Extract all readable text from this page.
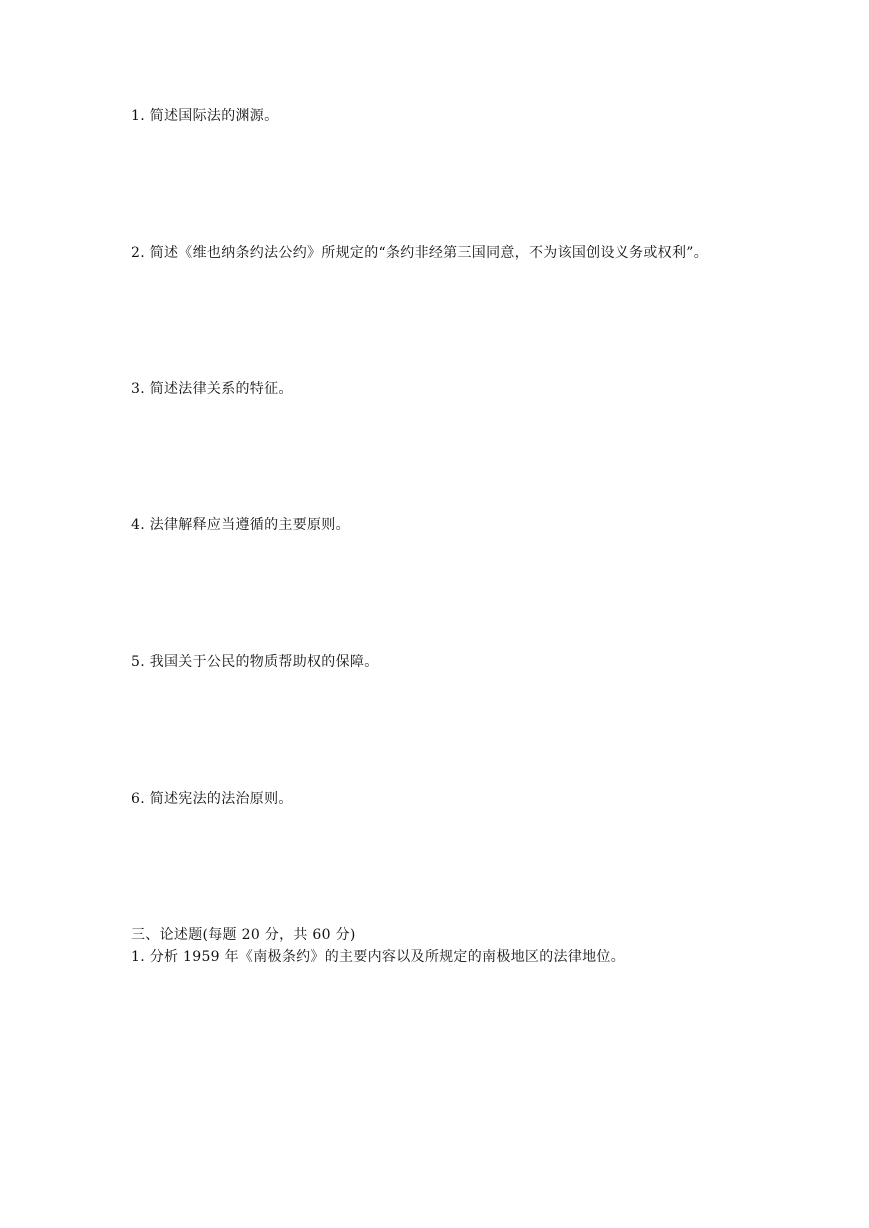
1. 简述国际法的渊源。
2. 简述《维也纳条约法公约》所规定的“条约非经第三国同意，不为该国创设义务或权利”。
3. 简述法律关系的特征。
4. 法律解释应当遵循的主要原则。
5. 我国关于公民的物质帮助权的保障。
6. 简述宪法的法治原则。
三、论述题(每题 20 分，共 60 分)
1. 分析 1959 年《南极条约》的主要内容以及所规定的南极地区的法律地位。
